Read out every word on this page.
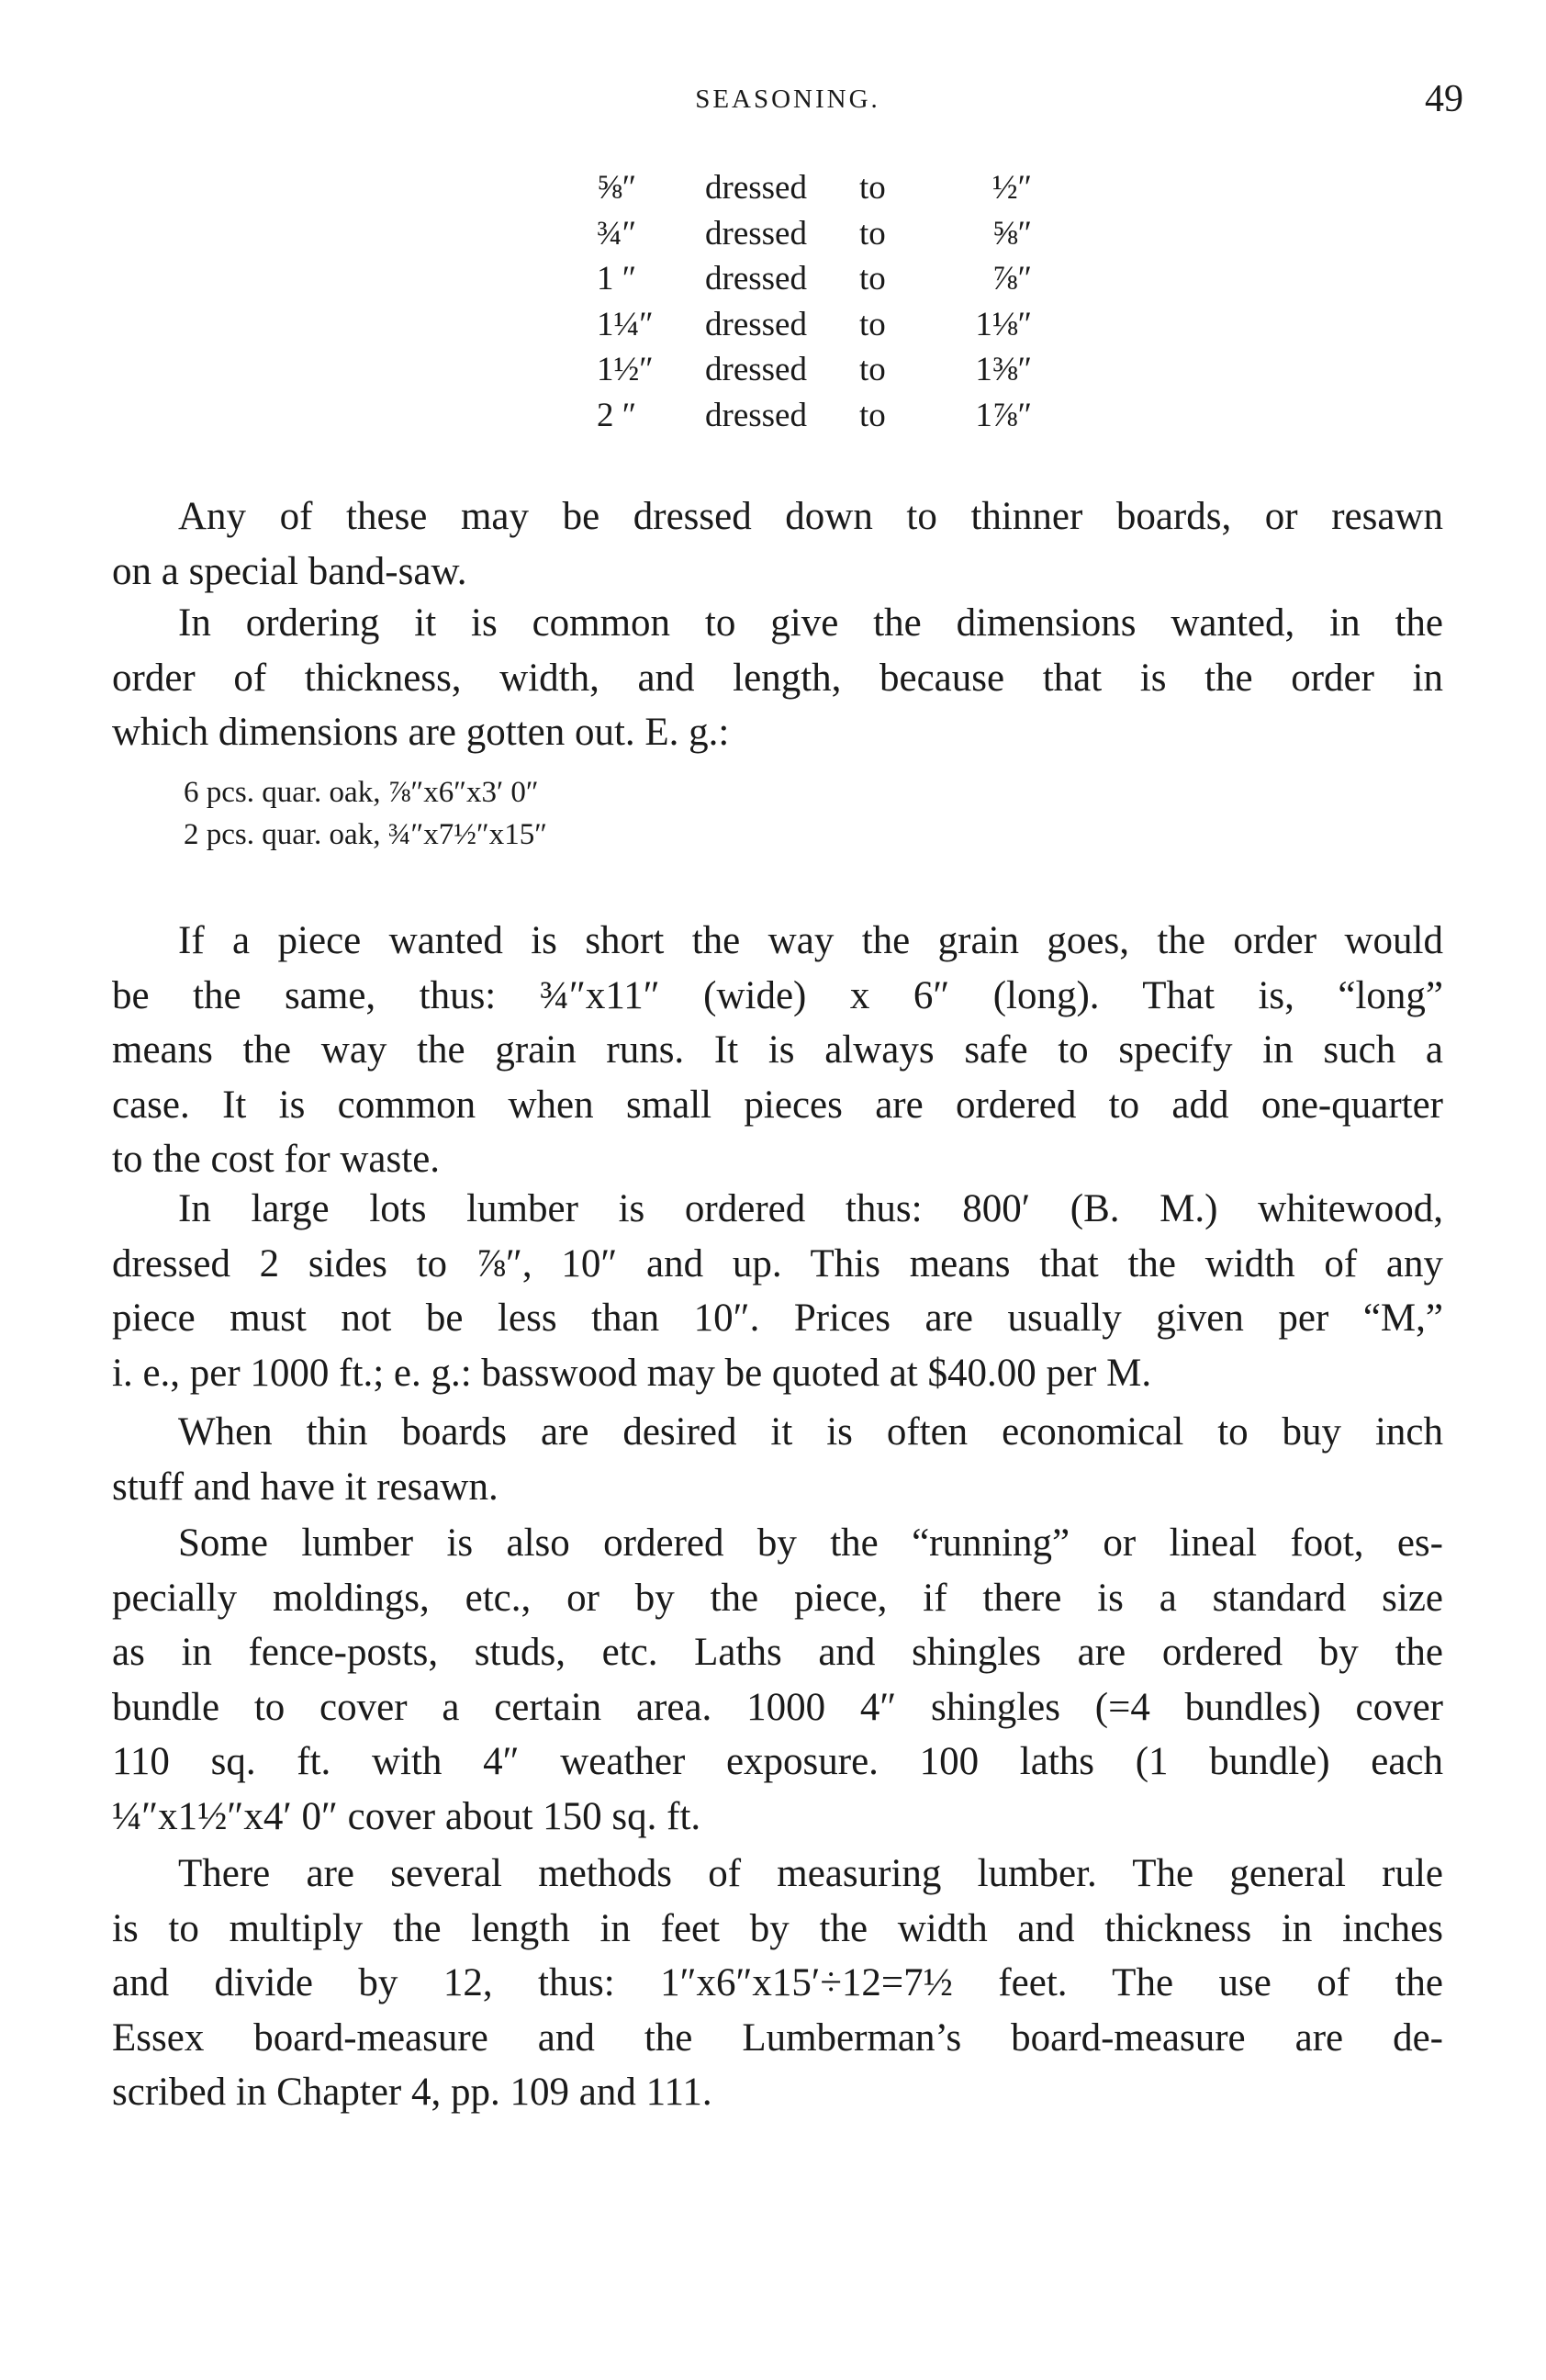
SEASONING.	49
⅝″	dressed	to	½″
¾″	dressed	to	⅝″
1 ″	dressed	to	⅞″
1¼″	dressed	to	1⅛″
1½″	dressed	to	1⅜″
2 ″	dressed	to	1⅞″
Any of these may be dressed down to thinner boards, or resawn
on a special band-saw.
In ordering it is common to give the dimensions wanted, in the
order of thickness, width, and length, because that is the order in
which dimensions are gotten out. E. g.:
6 pcs. quar. oak, ⅞″x6″x3′ 0″
2 pcs. quar. oak, ¾″x7½″x15″
If a piece wanted is short the way the grain goes, the order would
be the same, thus: ¾″x11″ (wide) x 6″ (long). That is, “long”
means the way the grain runs. It is always safe to specify in such a
case. It is common when small pieces are ordered to add one-quarter
to the cost for waste.
In large lots lumber is ordered thus: 800′ (B. M.) whitewood,
dressed 2 sides to ⅞″, 10″ and up. This means that the width of any
piece must not be less than 10″. Prices are usually given per “M,”
i. e., per 1000 ft.; e. g.: basswood may be quoted at $40.00 per M.
When thin boards are desired it is often economical to buy inch
stuff and have it resawn.
Some lumber is also ordered by the “running” or lineal foot, es-
pecially moldings, etc., or by the piece, if there is a standard size
as in fence-posts, studs, etc. Laths and shingles are ordered by the
bundle to cover a certain area. 1000 4″ shingles (=4 bundles) cover
110 sq. ft. with 4″ weather exposure. 100 laths (1 bundle) each
¼″x1½″x4′ 0″ cover about 150 sq. ft.
There are several methods of measuring lumber. The general rule
is to multiply the length in feet by the width and thickness in inches
and divide by 12, thus: 1″x6″x15′÷12=7½ feet. The use of the
Essex board-measure and the Lumberman’s board-measure are de-
scribed in Chapter 4, pp. 109 and 111.
